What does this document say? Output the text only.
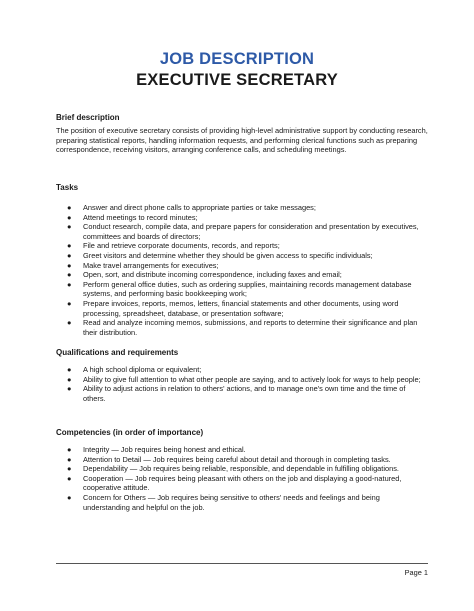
JOB DESCRIPTION
EXECUTIVE SECRETARY
Brief description
The position of executive secretary consists of providing high-level administrative support by conducting research, preparing statistical reports, handling information requests, and performing clerical functions such as preparing correspondence, receiving visitors, arranging conference calls, and scheduling meetings.
Tasks
● Answer and direct phone calls to appropriate parties or take messages;
● Attend meetings to record minutes;
● Conduct research, compile data, and prepare papers for consideration and presentation by executives, committees and boards of directors;
● File and retrieve corporate documents, records, and reports;
● Greet visitors and determine whether they should be given access to specific individuals;
● Make travel arrangements for executives;
● Open, sort, and distribute incoming correspondence, including faxes and email;
● Perform general office duties, such as ordering supplies, maintaining records management database systems, and performing basic bookkeeping work;
● Prepare invoices, reports, memos, letters, financial statements and other documents, using word processing, spreadsheet, database, or presentation software;
● Read and analyze incoming memos, submissions, and reports to determine their significance and plan their distribution.
Qualifications and requirements
● A high school diploma or equivalent;
● Ability to give full attention to what other people are saying, and to actively look for ways to help people;
● Ability to adjust actions in relation to others' actions, and to manage one's own time and the time of others.
Competencies (in order of importance)
● Integrity — Job requires being honest and ethical.
● Attention to Detail — Job requires being careful about detail and thorough in completing tasks.
● Dependability — Job requires being reliable, responsible, and dependable in fulfilling obligations.
● Cooperation — Job requires being pleasant with others on the job and displaying a good-natured, cooperative attitude.
● Concern for Others — Job requires being sensitive to others' needs and feelings and being understanding and helpful on the job.
Page 1
